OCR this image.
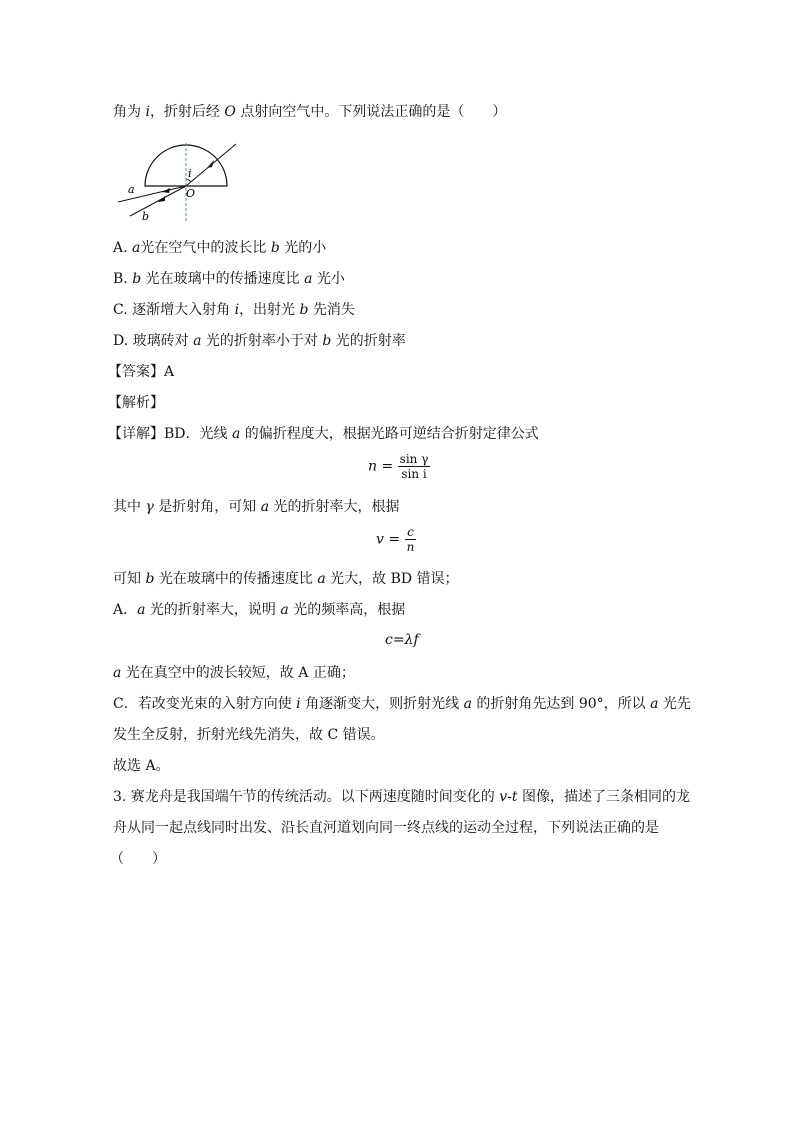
角为 i，折射后经 O 点射向空气中。下列说法正确的是（　　）
a
b
i
O
A. a光在空气中的波长比 b 光的小
B. b 光在玻璃中的传播速度比 a 光小
C. 逐渐增大入射角 i，出射光 b 先消失
D. 玻璃砖对 a 光的折射率小于对 b 光的折射率
【答案】A
【解析】
【详解】BD．光线 a 的偏折程度大，根据光路可逆结合折射定律公式
$n = \frac{\text{sin γ}}{\text{sin i}}$
其中 γ 是折射角，可知 a 光的折射率大，根据
$v = \frac{c}{n}$
可知 b 光在玻璃中的传播速度比 a 光大，故 BD 错误；
A．a 光的折射率大，说明 a 光的频率高，根据
c=λf
a 光在真空中的波长较短，故 A 正确；
C．若改变光束的入射方向使 i 角逐渐变大，则折射光线 a 的折射角先达到 90°，所以 a 光先
发生全反射，折射光线先消失，故 C 错误。
故选 A。
3. 赛龙舟是我国端午节的传统活动。以下两速度随时间变化的 v-t 图像，描述了三条相同的龙
舟从同一起点线同时出发、沿长直河道划向同一终点线的运动全过程，下列说法正确的是
（　　）
